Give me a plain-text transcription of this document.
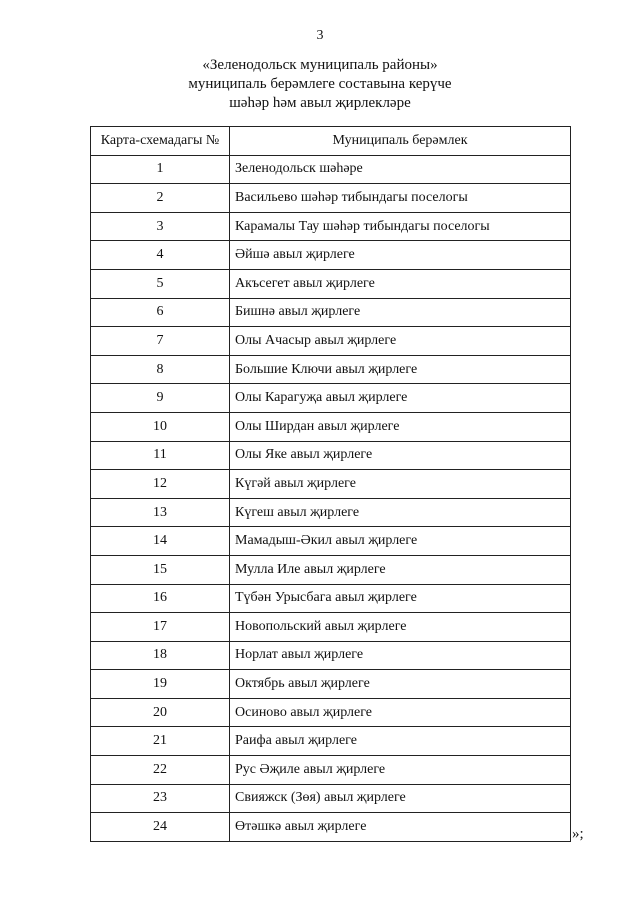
3
«Зеленодольск муниципаль районы»
муниципаль берәмлеге составына керүче
шәһәр һәм авыл җирлекләре
Карта-схемадагы №	Муниципаль берәмлек
1	Зеленодольск шәһәре
2	Васильево шәһәр тибындагы поселогы
3	Карамалы Тау шәһәр тибындагы поселогы
4	Әйшә авыл җирлеге
5	Акъсегет авыл җирлеге
6	Бишнә авыл җирлеге
7	Олы Ачасыр авыл җирлеге
8	Большие Ключи авыл җирлеге
9	Олы Карагуҗа авыл җирлеге
10	Олы Ширдан авыл җирлеге
11	Олы Яке авыл җирлеге
12	Күгәй авыл җирлеге
13	Күгеш авыл җирлеге
14	Мамадыш-Әкил авыл җирлеге
15	Мулла Иле авыл җирлеге
16	Түбән Урысбага авыл җирлеге
17	Новопольский авыл җирлеге
18	Норлат авыл җирлеге
19	Октябрь авыл җирлеге
20	Осиново авыл җирлеге
21	Раифа авыл җирлеге
22	Рус Әҗиле авыл җирлеге
23	Свияжск (Зөя) авыл җирлеге
24	Өтәшкә авыл җирлеге	»;
